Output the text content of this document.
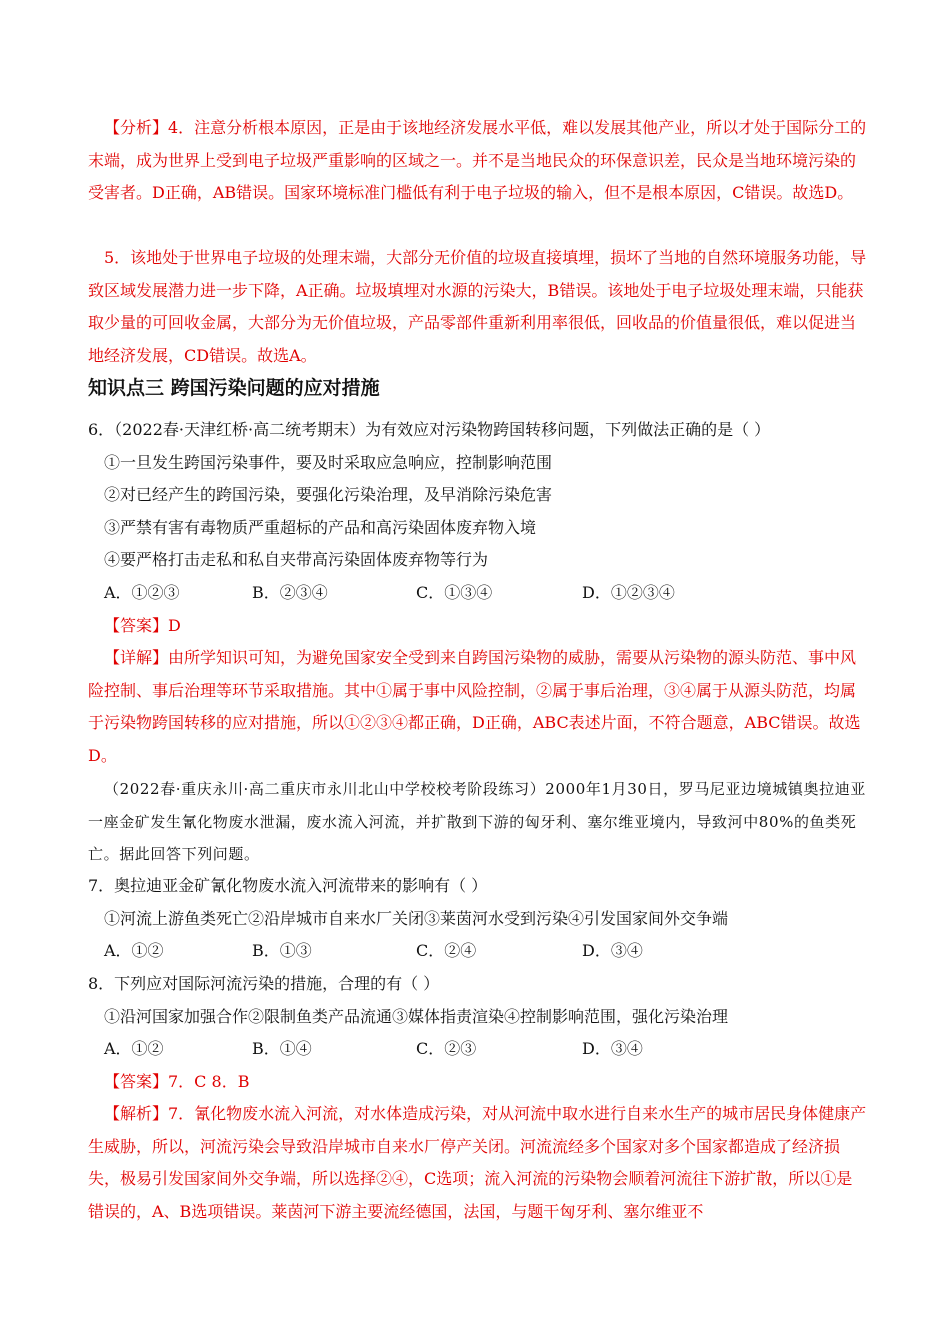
【分析】4．注意分析根本原因，正是由于该地经济发展水平低，难以发展其他产业，所以才处于国际分工的末端，成为世界上受到电子垃圾严重影响的区域之一。并不是当地民众的环保意识差，民众是当地环境污染的受害者。D正确，AB错误。国家环境标准门槛低有利于电子垃圾的输入，但不是根本原因，C错误。故选D。
5．该地处于世界电子垃圾的处理末端，大部分无价值的垃圾直接填埋，损坏了当地的自然环境服务功能，导致区域发展潜力进一步下降，A正确。垃圾填埋对水源的污染大，B错误。该地处于电子垃圾处理末端，只能获取少量的可回收金属，大部分为无价值垃圾，产品零部件重新利用率很低，回收品的价值量很低，难以促进当地经济发展，CD错误。故选A。
知识点三 跨国污染问题的应对措施
6．（2022春·天津红桥·高二统考期末）为有效应对污染物跨国转移问题，下列做法正确的是（ ）
①一旦发生跨国污染事件，要及时采取应急响应，控制影响范围
②对已经产生的跨国污染，要强化污染治理，及早消除污染危害
③严禁有害有毒物质严重超标的产品和高污染固体废弃物入境
④要严格打击走私和私自夹带高污染固体废弃物等行为
A．①②③	B．②③④	C．①③④	D．①②③④
【答案】D
【详解】由所学知识可知，为避免国家安全受到来自跨国污染物的威胁，需要从污染物的源头防范、事中风险控制、事后治理等环节采取措施。其中①属于事中风险控制，②属于事后治理，③④属于从源头防范，均属于污染物跨国转移的应对措施，所以①②③④都正确，D正确，ABC表述片面，不符合题意，ABC错误。故选D。
（2022春·重庆永川·高二重庆市永川北山中学校校考阶段练习）2000年1月30日，罗马尼亚边境城镇奥拉迪亚一座金矿发生氰化物废水泄漏，废水流入河流，并扩散到下游的匈牙利、塞尔维亚境内，导致河中80%的鱼类死亡。据此回答下列问题。
7．奥拉迪亚金矿氰化物废水流入河流带来的影响有（ ）
①河流上游鱼类死亡②沿岸城市自来水厂关闭③莱茵河水受到污染④引发国家间外交争端
A．①②	B．①③	C．②④	D．③④
8．下列应对国际河流污染的措施，合理的有（ ）
①沿河国家加强合作②限制鱼类产品流通③媒体指责渲染④控制影响范围，强化污染治理
A．①②	B．①④	C．②③	D．③④
【答案】7．C 8．B
【解析】7．氰化物废水流入河流，对水体造成污染，对从河流中取水进行自来水生产的城市居民身体健康产生威胁，所以，河流污染会导致沿岸城市自来水厂停产关闭。河流流经多个国家对多个国家都造成了经济损失，极易引发国家间外交争端，所以选择②④，C选项；流入河流的污染物会顺着河流往下游扩散，所以①是错误的，A、B选项错误。莱茵河下游主要流经德国，法国，与题干匈牙利、塞尔维亚不
